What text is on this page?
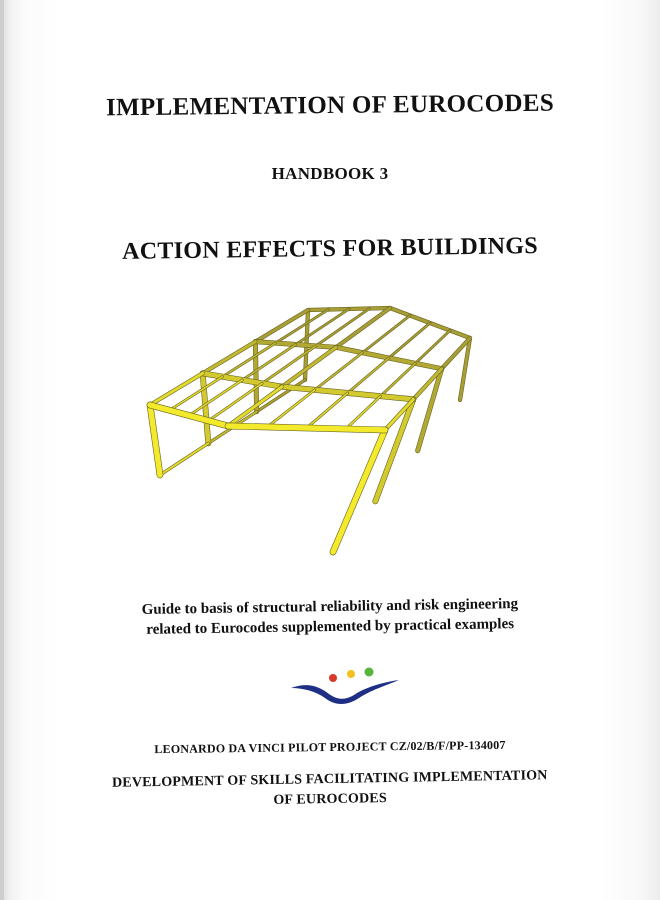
IMPLEMENTATION OF EUROCODES
HANDBOOK 3
ACTION EFFECTS FOR BUILDINGS
Guide to basis of structural reliability and risk engineering
related to Eurocodes supplemented by practical examples
LEONARDO DA VINCI PILOT PROJECT CZ/02/B/F/PP-134007
DEVELOPMENT OF SKILLS FACILITATING IMPLEMENTATION
OF EUROCODES
